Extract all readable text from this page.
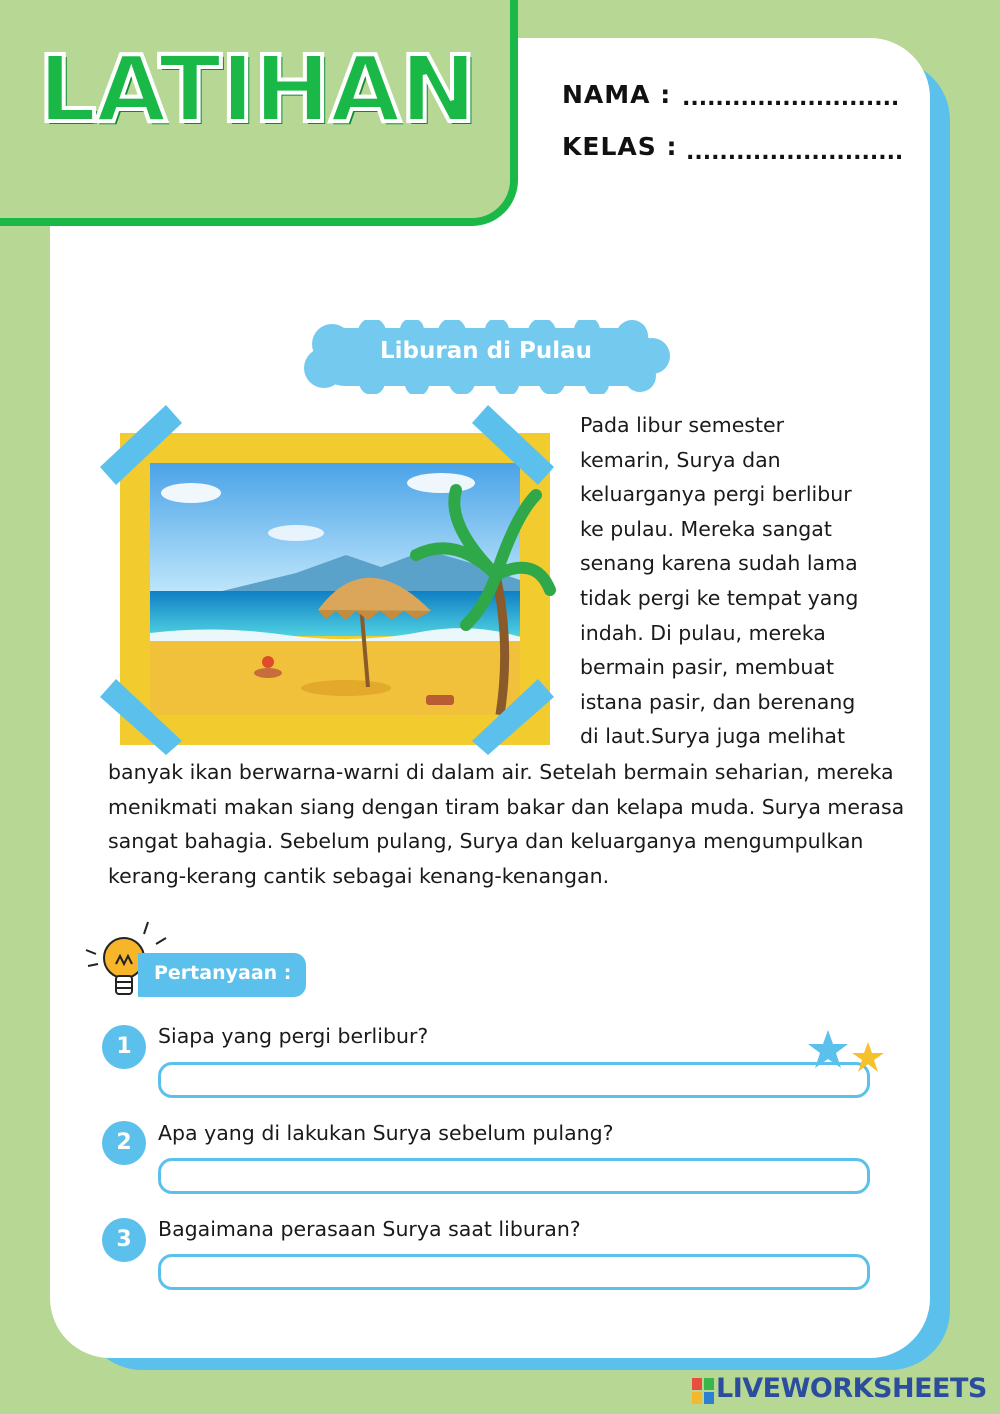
LATIHAN	NAMA : ..........................
KELAS : ..........................
Liburan di Pulau
Pada libur semester
kemarin, Surya dan
keluarganya pergi berlibur
ke pulau. Mereka sangat
senang karena sudah lama
tidak pergi ke tempat yang
indah. Di pulau, mereka
bermain pasir, membuat
istana pasir, dan berenang
di laut.Surya juga melihat
banyak ikan berwarna-warni di dalam air. Setelah bermain seharian, mereka
menikmati makan siang dengan tiram bakar dan kelapa muda. Surya merasa
sangat bahagia. Sebelum pulang, Surya dan keluarganya mengumpulkan
kerang-kerang cantik sebagai kenang-kenangan.
Pertanyaan :
1	Siapa yang pergi berlibur?
2	Apa yang di lakukan Surya sebelum pulang?
3	Bagaimana perasaan Surya saat liburan?
LIVEWORKSHEETS
